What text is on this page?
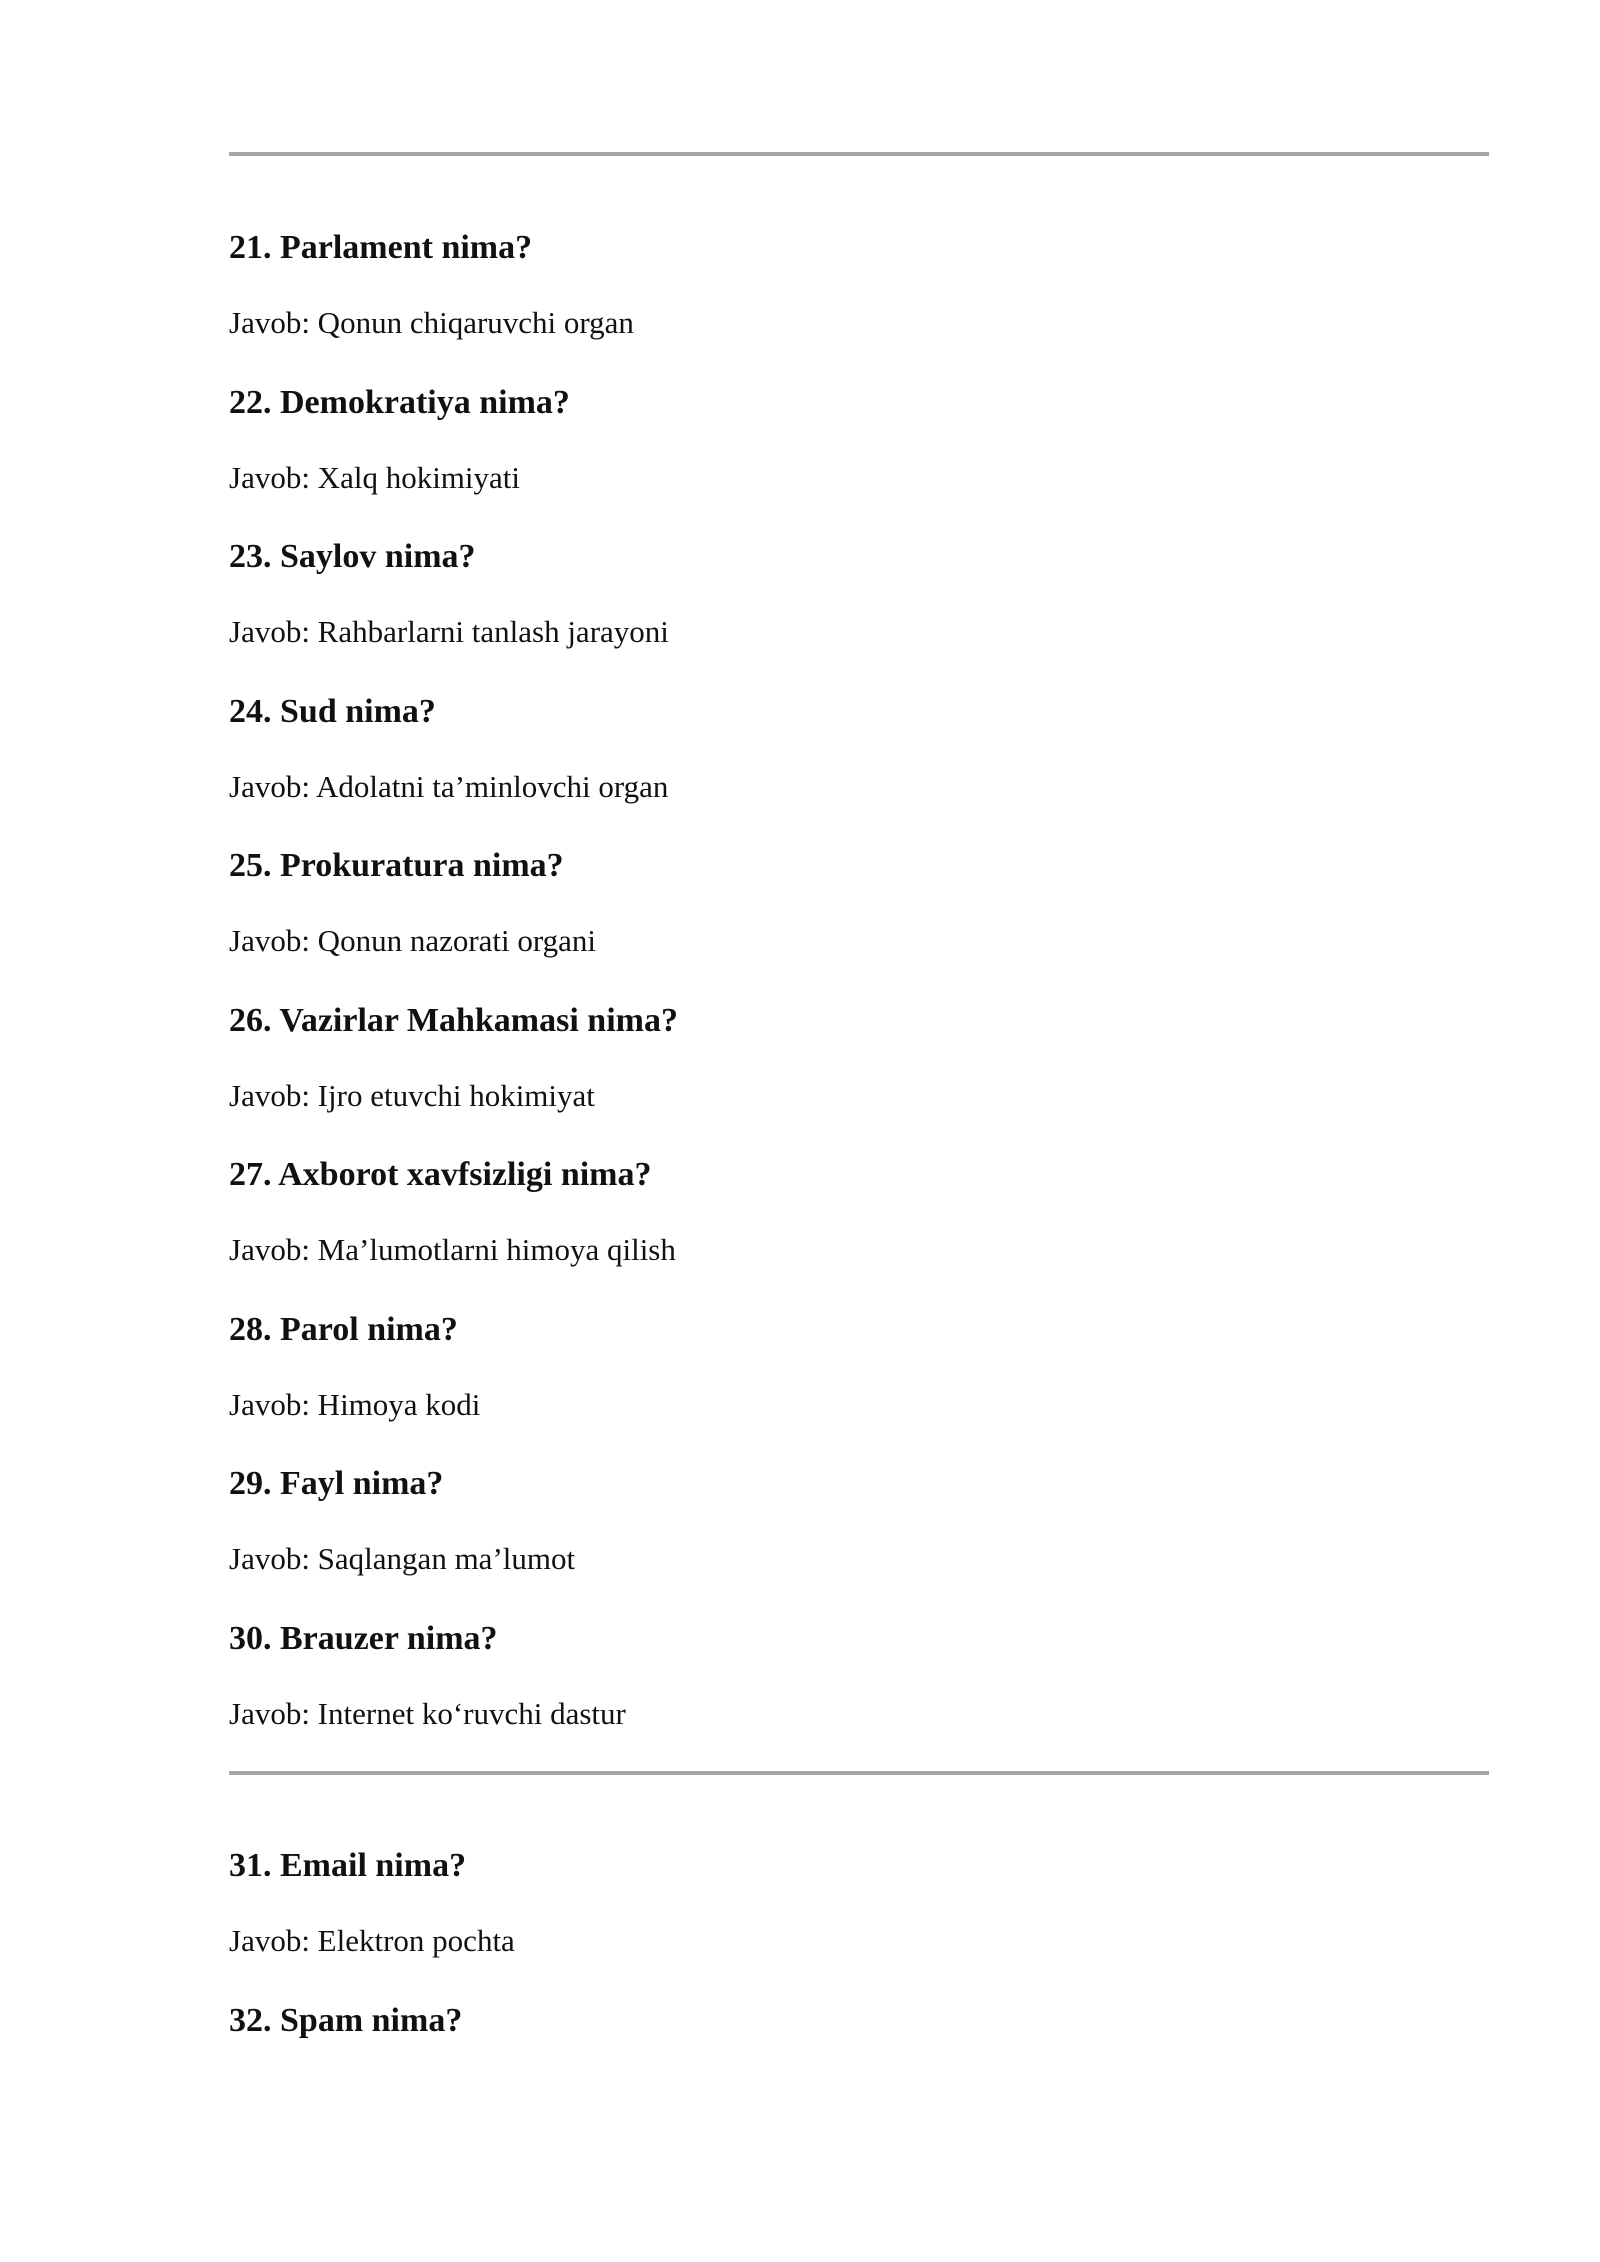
21. Parlament nima?

Javob: Qonun chiqaruvchi organ

22. Demokratiya nima?

Javob: Xalq hokimiyati

23. Saylov nima?

Javob: Rahbarlarni tanlash jarayoni

24. Sud nima?

Javob: Adolatni ta’minlovchi organ

25. Prokuratura nima?

Javob: Qonun nazorati organi

26. Vazirlar Mahkamasi nima?

Javob: Ijro etuvchi hokimiyat

27. Axborot xavfsizligi nima?

Javob: Ma’lumotlarni himoya qilish

28. Parol nima?

Javob: Himoya kodi

29. Fayl nima?

Javob: Saqlangan ma’lumot

30. Brauzer nima?

Javob: Internet ko‘ruvchi dastur

31. Email nima?

Javob: Elektron pochta

32. Spam nima?
